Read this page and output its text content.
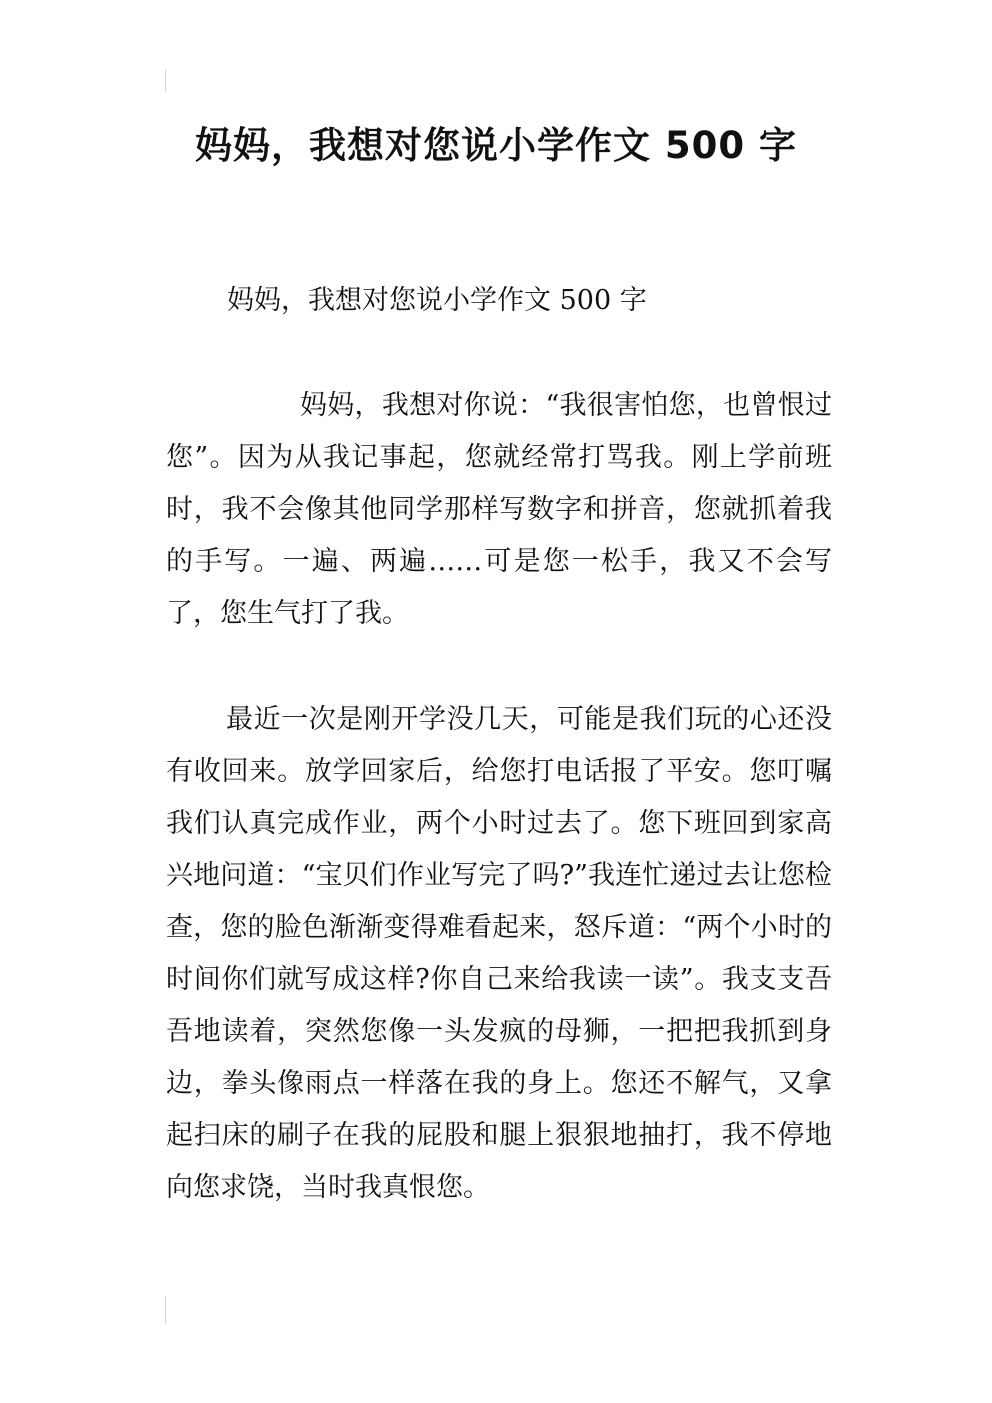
妈妈，我想对您说小学作文 500 字

妈妈，我想对您说小学作文 500 字

妈妈，我想对你说：“我很害怕您，也曾恨过您”。因为从我记事起，您就经常打骂我。刚上学前班时，我不会像其他同学那样写数字和拼音，您就抓着我的手写。一遍、两遍……可是您一松手，我又不会写了，您生气打了我。

最近一次是刚开学没几天，可能是我们玩的心还没有收回来。放学回家后，给您打电话报了平安。您叮嘱我们认真完成作业，两个小时过去了。您下班回到家高兴地问道：“宝贝们作业写完了吗?”我连忙递过去让您检查，您的脸色渐渐变得难看起来，怒斥道：“两个小时的时间你们就写成这样?你自己来给我读一读”。我支支吾吾地读着，突然您像一头发疯的母狮，一把把我抓到身边，拳头像雨点一样落在我的身上。您还不解气，又拿起扫床的刷子在我的屁股和腿上狠狠地抽打，我不停地向您求饶，当时我真恨您。
